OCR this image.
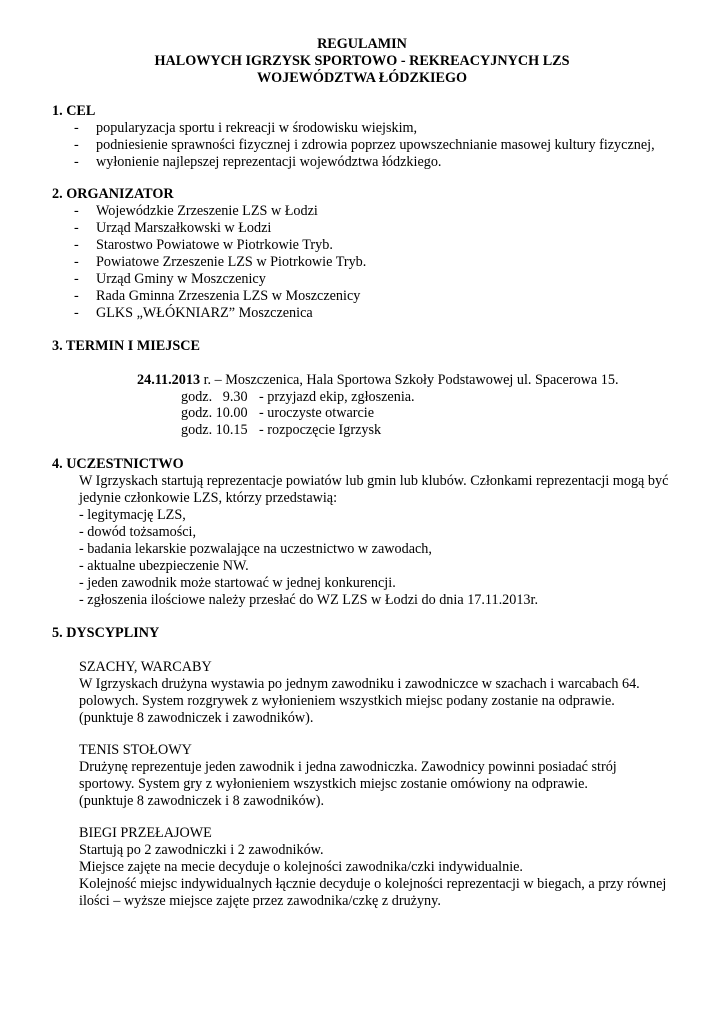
REGULAMIN
HALOWYCH IGRZYSK SPORTOWO - REKREACYJNYCH LZS
WOJEWÓDZTWA ŁÓDZKIEGO
1. CEL
- popularyzacja sportu i rekreacji w środowisku wiejskim,
- podniesienie sprawności fizycznej i zdrowia poprzez upowszechnianie masowej kultury fizycznej,
- wyłonienie najlepszej reprezentacji województwa łódzkiego.
2. ORGANIZATOR
- Wojewódzkie Zrzeszenie LZS w Łodzi
- Urząd Marszałkowski w Łodzi
- Starostwo Powiatowe w Piotrkowie Tryb.
- Powiatowe Zrzeszenie LZS w Piotrkowie Tryb.
- Urząd Gminy w Moszczenicy
- Rada Gminna Zrzeszenia LZS w Moszczenicy
- GLKS „WŁÓKNIARZ” Moszczenica
3. TERMIN I MIEJSCE
24.11.2013 r. – Moszczenica, Hala Sportowa Szkoły Podstawowej ul. Spacerowa 15.
godz.   9.30 - przyjazd ekip, zgłoszenia.
godz. 10.00 - uroczyste otwarcie
godz. 10.15 - rozpoczęcie Igrzysk
4. UCZESTNICTWO
W Igrzyskach startują reprezentacje powiatów lub gmin lub klubów. Członkami reprezentacji mogą być
jedynie członkowie LZS, którzy przedstawią:
- legitymację LZS,
- dowód tożsamości,
- badania lekarskie pozwalające na uczestnictwo w zawodach,
- aktualne ubezpieczenie NW.
- jeden zawodnik może startować w jednej konkurencji.
- zgłoszenia ilościowe należy przesłać do WZ LZS w Łodzi do dnia 17.11.2013r.
5. DYSCYPLINY
SZACHY, WARCABY
W Igrzyskach drużyna wystawia po jednym zawodniku i zawodniczce w szachach i warcabach 64.
polowych. System rozgrywek z wyłonieniem wszystkich miejsc podany zostanie na odprawie.
(punktuje 8 zawodniczek i zawodników).
TENIS STOŁOWY
Drużynę reprezentuje jeden zawodnik i jedna zawodniczka. Zawodnicy powinni posiadać strój
sportowy. System gry z wyłonieniem wszystkich miejsc zostanie omówiony na odprawie.
(punktuje 8 zawodniczek i 8 zawodników).
BIEGI PRZEŁAJOWE
Startują po 2 zawodniczki i 2 zawodników.
Miejsce zajęte na mecie decyduje o kolejności zawodnika/czki indywidualnie.
Kolejność miejsc indywidualnych łącznie decyduje o kolejności reprezentacji w biegach, a przy równej
ilości – wyższe miejsce zajęte przez zawodnika/czkę z drużyny.
